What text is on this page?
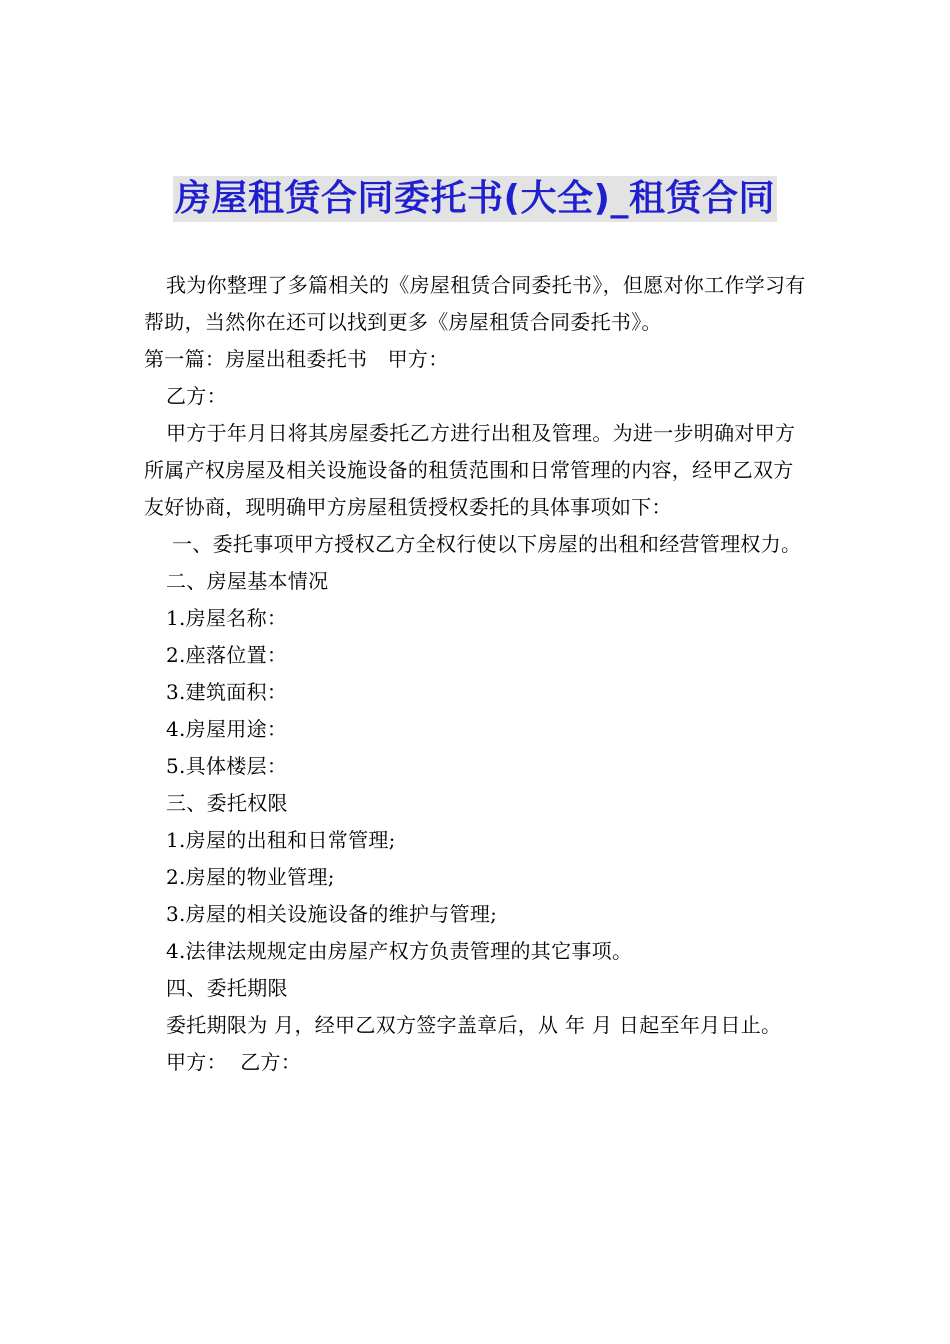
房屋租赁合同委托书(大全)_租赁合同

我为你整理了多篇相关的《房屋租赁合同委托书》，但愿对你工作学习有帮助，当然你在还可以找到更多《房屋租赁合同委托书》。

第一篇：房屋出租委托书　甲方：

乙方：

甲方于年月日将其房屋委托乙方进行出租及管理。为进一步明确对甲方所属产权房屋及相关设施设备的租赁范围和日常管理的内容，经甲乙双方友好协商，现明确甲方房屋租赁授权委托的具体事项如下：

一、委托事项甲方授权乙方全权行使以下房屋的出租和经营管理权力。

二、房屋基本情况

1.房屋名称：

2.座落位置：

3.建筑面积：

4.房屋用途：

5.具体楼层：

三、委托权限

1.房屋的出租和日常管理;

2.房屋的物业管理;

3.房屋的相关设施设备的维护与管理;

4.法律法规规定由房屋产权方负责管理的其它事项。

四、委托期限

委托期限为 月，经甲乙双方签字盖章后，从 年 月 日起至年月日止。

甲方：  乙方：
